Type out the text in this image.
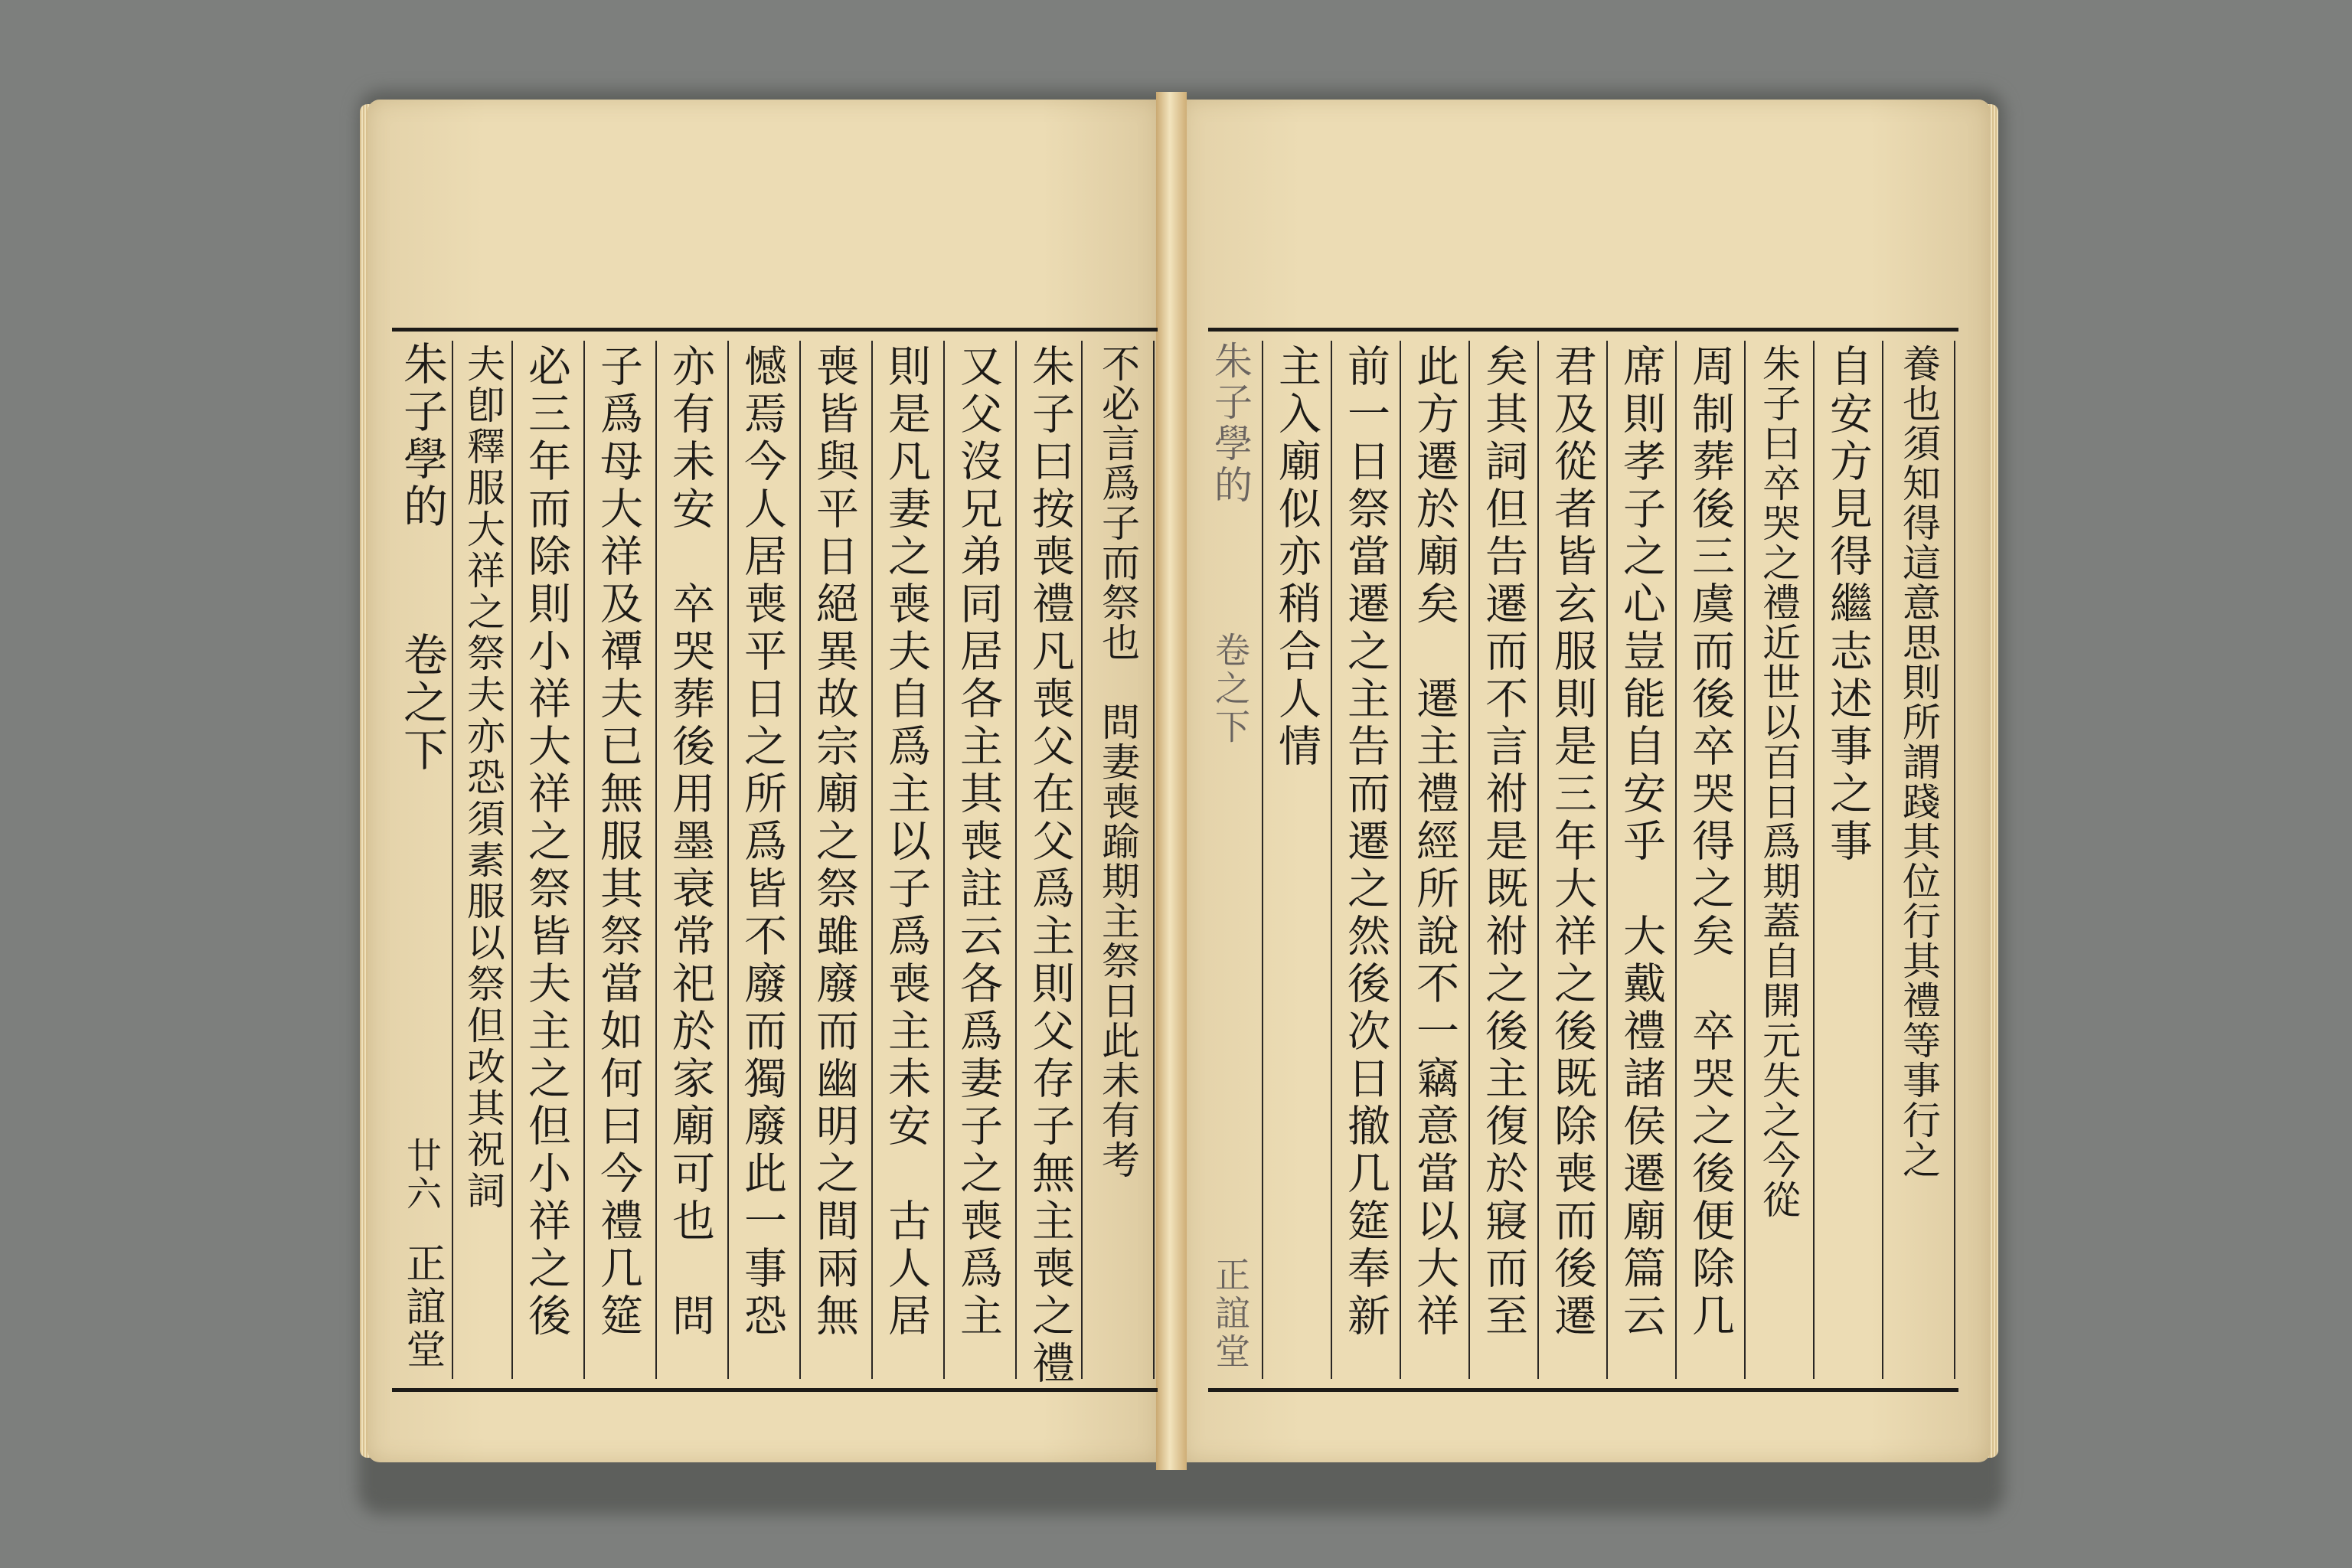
朱子學的
卷之下
廿六
正誼堂	朱子曰按喪禮凡喪父在父爲主則父存子無主喪之禮
又父沒兄弟同居各主其喪註云各爲妻子之喪爲主
則是凡妻之喪夫自爲主以子爲喪主未安　古人居
喪皆與平日絕異故宗廟之祭雖廢而幽明之間兩無
憾焉今人居喪平日之所爲皆不廢而獨廢此一事恐
亦有未安　卒哭葬後用墨衰常祀於家廟可也　問
子爲母大祥及禫夫已無服其祭當如何曰今禮几筵
必三年而除則小祥大祥之祭皆夫主之但小祥之後
夫卽釋服大祥之祭夫亦恐須素服以祭但改其祝詞	不必言爲子而祭也　問妻喪踰期主祭日此未有考	養也須知得這意思則所謂踐其位行其禮等事行之
自安方見得繼志述事之事
朱子曰卒哭之禮近世以百日爲期蓋自開元失之今從
周制葬後三虞而後卒哭得之矣　卒哭之後便除几
席則孝子之心豈能自安乎　大戴禮諸侯遷廟篇云
君及從者皆玄服則是三年大祥之後既除喪而後遷
矣其詞但告遷而不言祔是既祔之後主復於寢而至
此方遷於廟矣　遷主禮經所說不一竊意當以大祥
前一日祭當遷之主告而遷之然後次日撤几筵奉新
主入廟似亦稍合人情
朱子學的
卷之下
正誼堂
